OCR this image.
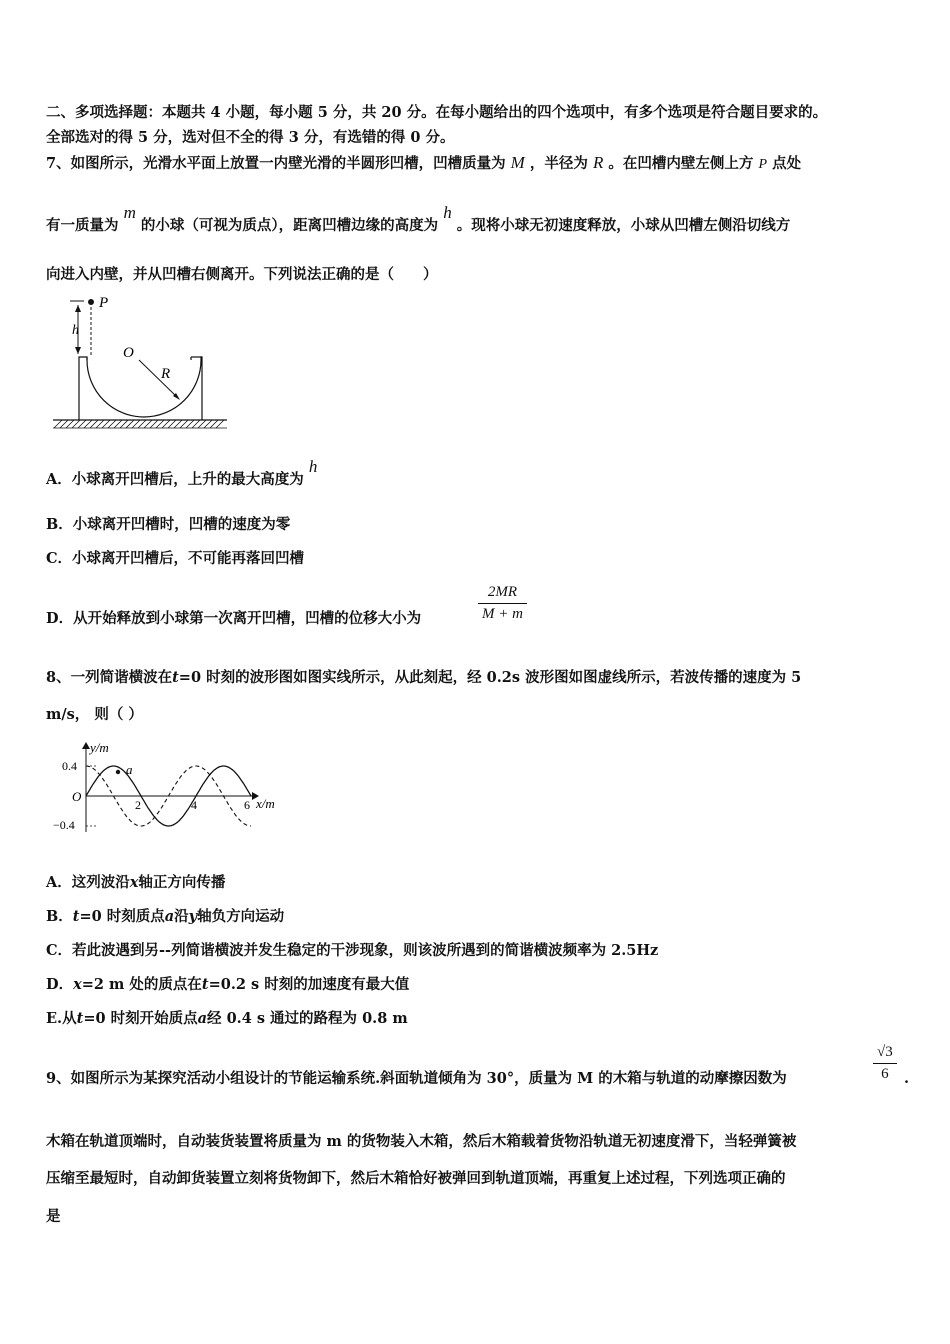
二、多项选择题：本题共 4 小题，每小题 5 分，共 20 分。在每小题给出的四个选项中，有多个选项是符合题目要求的。
全部选对的得 5 分，选对但不全的得 3 分，有选错的得 0 分。
7、如图所示，光滑水平面上放置一内壁光滑的半圆形凹槽，凹槽质量为 M ，半径为 R 。在凹槽内壁左侧上方 P 点处
有一质量为 m 的小球（可视为质点），距离凹槽边缘的高度为 h 。现将小球无初速度释放，小球从凹槽左侧沿切线方
向进入内壁，并从凹槽右侧离开。下列说法正确的是（　　）
P
h
O
R
A．小球离开凹槽后，上升的最大高度为 h
B．小球离开凹槽时，凹槽的速度为零
C．小球离开凹槽后，不可能再落回凹槽
D．从开始释放到小球第一次离开凹槽，凹槽的位移大小为
2MR
M + m
8、一列简谐横波在t=0 时刻的波形图如图实线所示，从此刻起，经 0.2s 波形图如图虚线所示，若波传播的速度为 5
m/s， 则（ ）
y/m
x/m
O
0.4
−0.4
2	4	6
a
A．这列波沿x轴正方向传播
B．t=0 时刻质点a沿y轴负方向运动
C．若此波遇到另--列简谐横波并发生稳定的干涉现象，则该波所遇到的简谐横波频率为 2.5Hz
D．x=2 m 处的质点在t=0.2 s 时刻的加速度有最大值
E.从t=0 时刻开始质点a经 0.4 s 通过的路程为 0.8 m
9、如图所示为某探究活动小组设计的节能运输系统.斜面轨道倾角为 30°，质量为 M 的木箱与轨道的动摩擦因数为
√3
6	.
木箱在轨道顶端时，自动装货装置将质量为 m 的货物装入木箱，然后木箱载着货物沿轨道无初速度滑下，当轻弹簧被
压缩至最短时，自动卸货装置立刻将货物卸下，然后木箱恰好被弹回到轨道顶端，再重复上述过程，下列选项正确的
是
